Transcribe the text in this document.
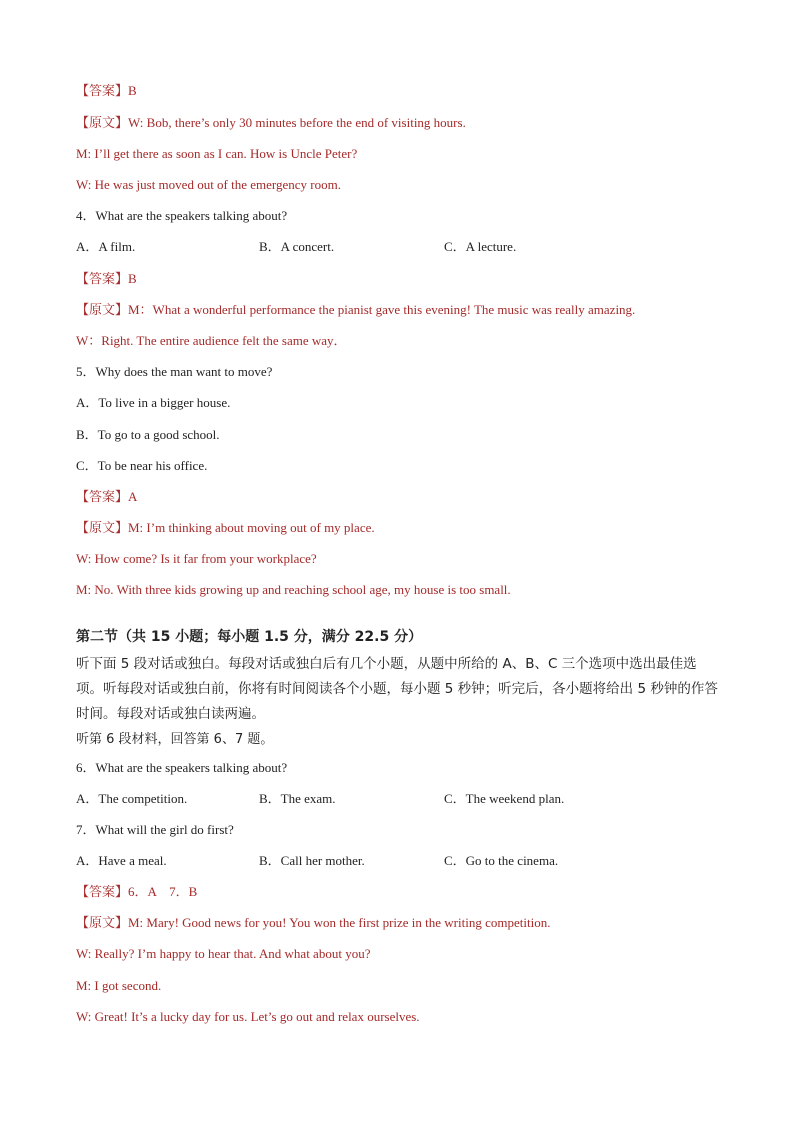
【答案】B
【原文】W: Bob, there’s only 30 minutes before the end of visiting hours.
M: I’ll get there as soon as I can. How is Uncle Peter?
W: He was just moved out of the emergency room.
4．What are the speakers talking about?
A．A film.	B．A concert.	C．A lecture.
【答案】B
【原文】M：What a wonderful performance the pianist gave this evening! The music was really amazing.
W：Right. The entire audience felt the same way．
5．Why does the man want to move?
A．To live in a bigger house.
B．To go to a good school.
C．To be near his office.
【答案】A
【原文】M: I’m thinking about moving out of my place.
W: How come? Is it far from your workplace?
M: No. With three kids growing up and reaching school age, my house is too small.
第二节（共 15 小题；每小题 1.5 分，满分 22.5 分）
听下面 5 段对话或独白。每段对话或独白后有几个小题，从题中所给的 A、B、C 三个选项中选出最佳选项。听每段对话或独白前，你将有时间阅读各个小题，每小题 5 秒钟；听完后，各小题将给出 5 秒钟的作答时间。每段对话或独白读两遍。
听第 6 段材料，回答第 6、7 题。
6．What are the speakers talking about?
A．The competition.	B．The exam.	C．The weekend plan.
7．What will the girl do first?
A．Have a meal.	B．Call her mother.	C．Go to the cinema.
【答案】6．A　7．B
【原文】M: Mary! Good news for you! You won the first prize in the writing competition.
W: Really? I’m happy to hear that. And what about you?
M: I got second.
W: Great! It’s a lucky day for us. Let’s go out and relax ourselves.
